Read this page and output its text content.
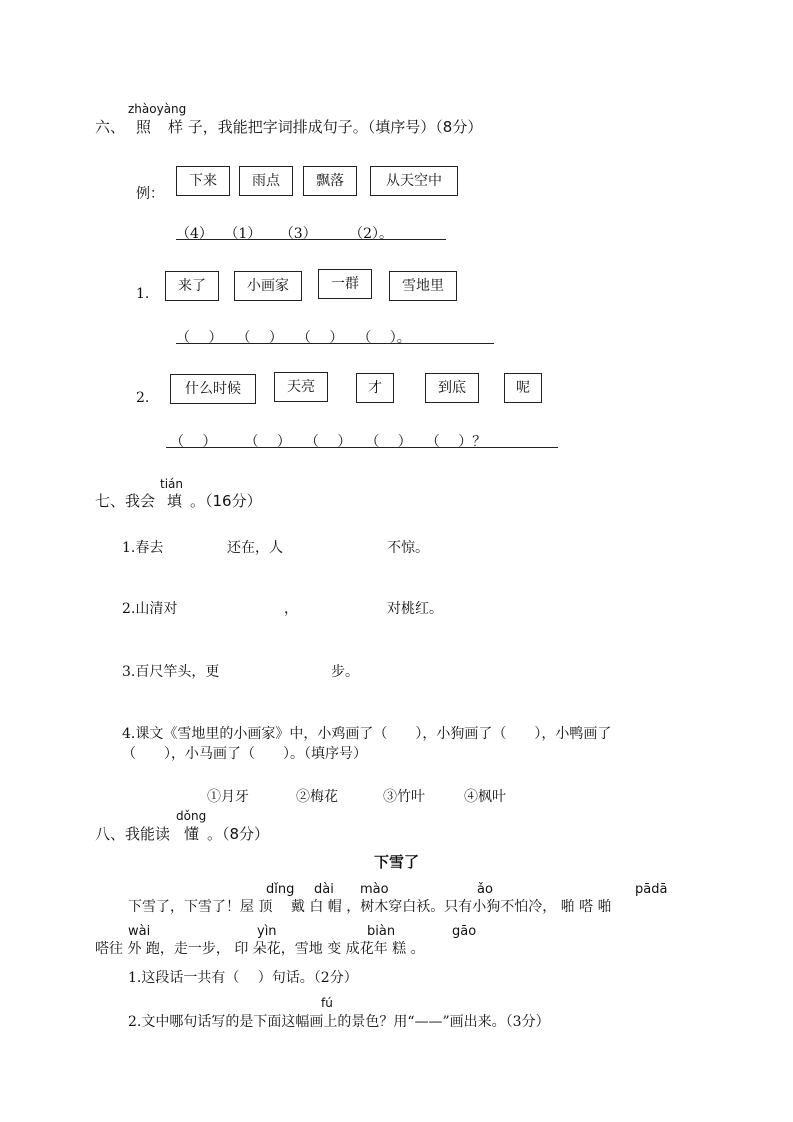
zhàoyàng
六、 照 样 子，我能把字词排成句子。（填序号）（8分）
例：
下来	雨点	飘落	从天空中
（4）　 （1）　 　（3）　　 　（2）。
1.	来了	小画家	一群	雪地里
（　 ）　　（　 ）　　（　 ）　　（　 ）。
2.
什么时候	天亮	才	到底	呢
（　 ）　　　（　 ）　　（　 ）　　（　 ）　　（　 ）？
七、我会
tián
填 。（16分）
1.春去	还在，人	不惊。
2.山清对	，	对桃红。
3.百尺竿头，更	步。
4.课文《雪地里的小画家》中，小鸡画了（　　），小狗画了（　　），小鸭画了
（　　），小马画了（　　）。（填序号）
①月牙	②梅花	③竹叶	④枫叶
dǒng
八、我能读 懂 。（8分）
下雪了
dǐng dài mào	ǎo	pādā
下雪了，下雪了！屋 顶　 戴 白 帽 ，树木穿白袄。只有小狗不怕冷， 啪 嗒 啪
wài	yìn	biàn	gāo
嗒往 外 跑，走一步， 印 朵花，雪地 变 成花年 糕 。
1.这段话一共有（　 ）句话。（2分）
fú
2.文中哪句话写的是下面这幅画上的景色？用“——”画出来。（3分）
